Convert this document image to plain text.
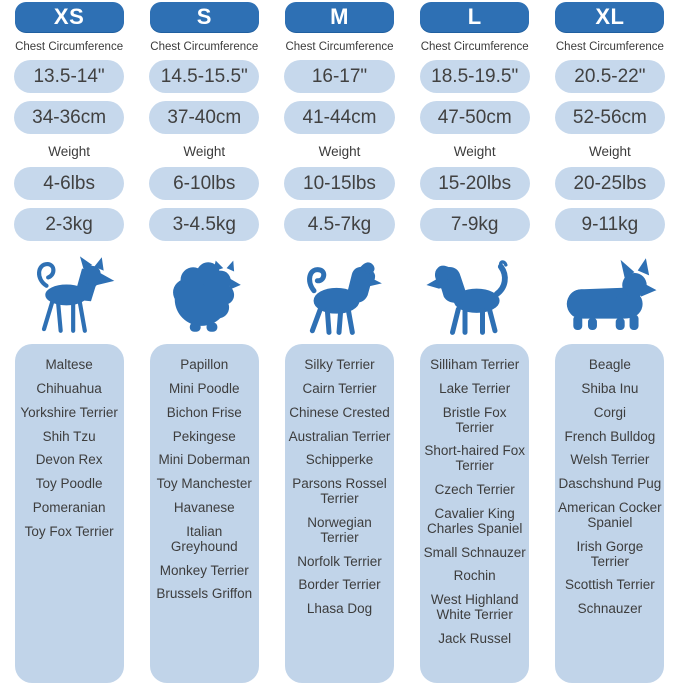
XS
Chest Circumference
13.5-14"
34-36cm
Weight
4-6lbs
2-3kg
Maltese
Chihuahua
Yorkshire Terrier
Shih Tzu
Devon Rex
Toy Poodle
Pomeranian
Toy Fox Terrier
S
Chest Circumference
14.5-15.5"
37-40cm
Weight
6-10lbs
3-4.5kg
Papillon
Mini Poodle
Bichon Frise
Pekingese
Mini Doberman
Toy Manchester
Havanese
Italian Greyhound
Monkey Terrier
Brussels Griffon
M
Chest Circumference
16-17"
41-44cm
Weight
10-15lbs
4.5-7kg
Silky Terrier
Cairn Terrier
Chinese Crested
Australian Terrier
Schipperke
Parsons Rossel Terrier
Norwegian Terrier
Norfolk Terrier
Border Terrier
Lhasa Dog
L
Chest Circumference
18.5-19.5"
47-50cm
Weight
15-20lbs
7-9kg
Silliham Terrier
Lake Terrier
Bristle Fox Terrier
Short-haired Fox Terrier
Czech Terrier
Cavalier King Charles Spaniel
Small Schnauzer
Rochin
West Highland White Terrier
Jack Russel
XL
Chest Circumference
20.5-22"
52-56cm
Weight
20-25lbs
9-11kg
Beagle
Shiba Inu
Corgi
French Bulldog
Welsh Terrier
Daschshund Pug
American Cocker Spaniel
Irish Gorge Terrier
Scottish Terrier
Schnauzer
